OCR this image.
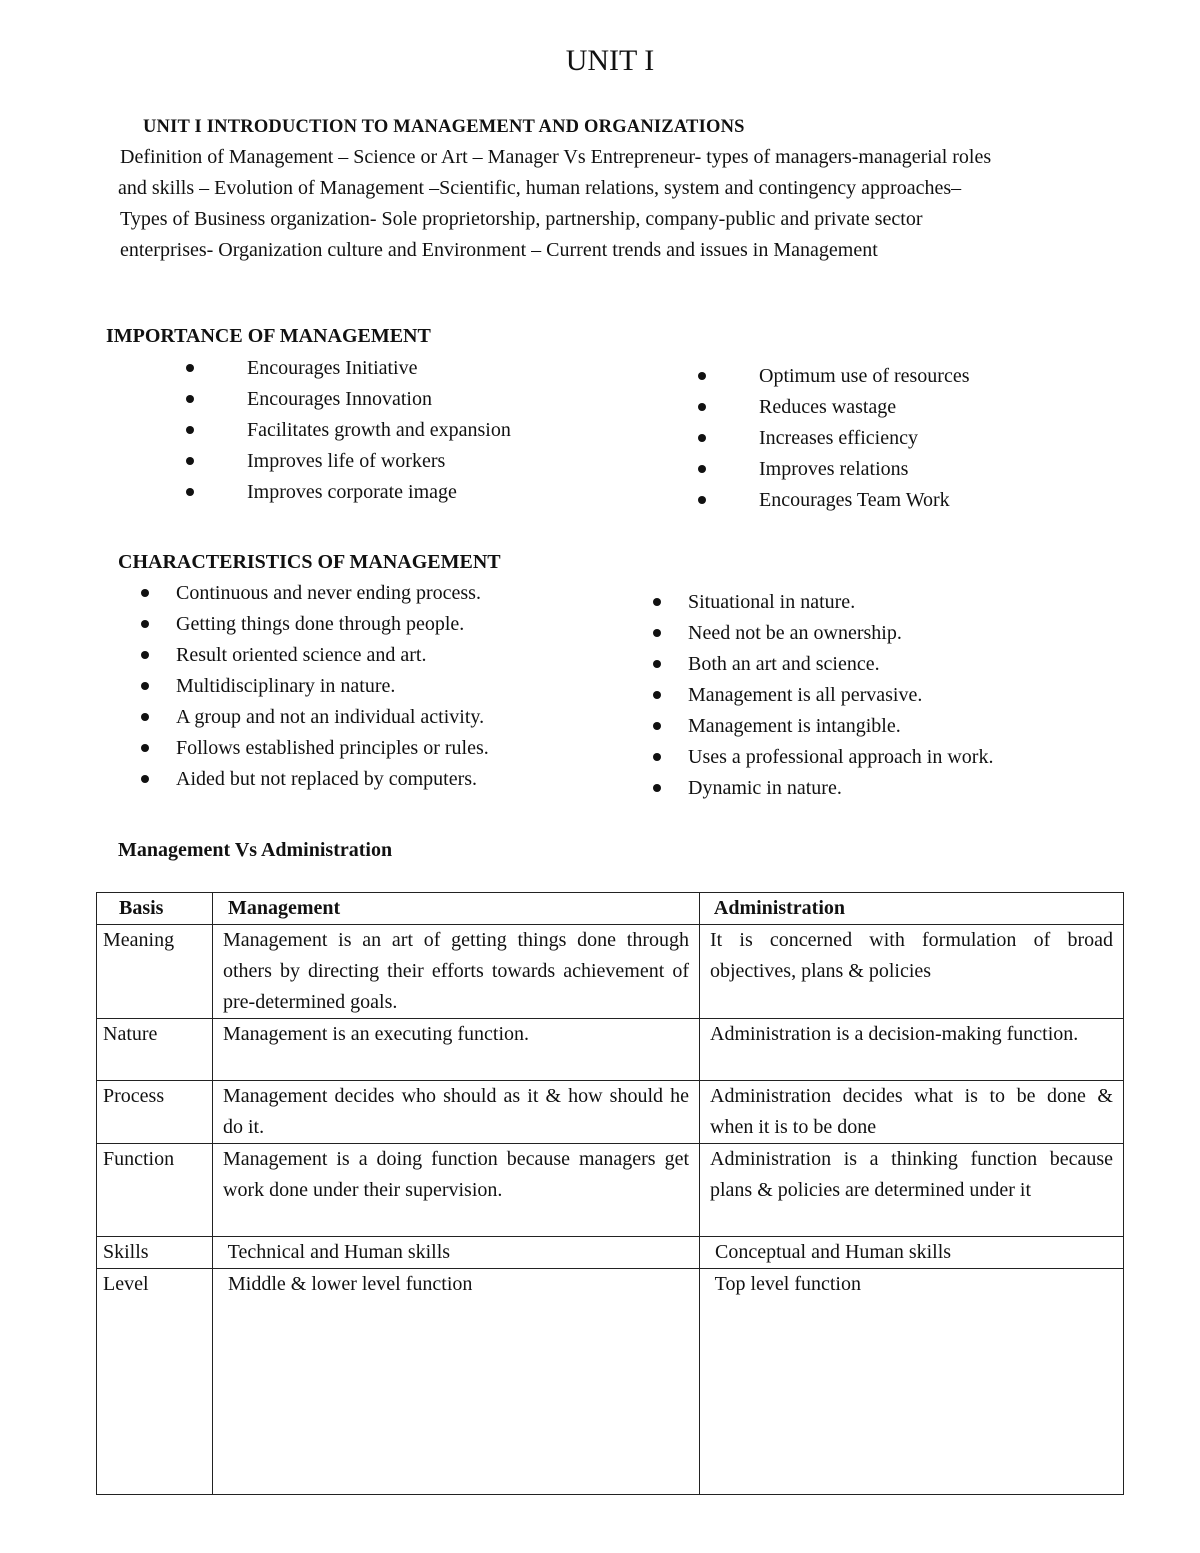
UNIT I
UNIT I INTRODUCTION TO MANAGEMENT AND ORGANIZATIONS
Definition of Management – Science or Art – Manager Vs Entrepreneur- types of managers-managerial roles
and skills – Evolution of Management –Scientific, human relations, system and contingency approaches–
Types of Business organization- Sole proprietorship, partnership, company-public and private sector
enterprises- Organization culture and Environment – Current trends and issues in Management
IMPORTANCE OF MANAGEMENT
Encourages Initiative
Encourages Innovation
Facilitates growth and expansion
Improves life of workers
Improves corporate image
Optimum use of resources
Reduces wastage
Increases efficiency
Improves relations
Encourages Team Work
CHARACTERISTICS OF MANAGEMENT
Continuous and never ending process.
Getting things done through people.
Result oriented science and art.
Multidisciplinary in nature.
A group and not an individual activity.
Follows established principles or rules.
Aided but not replaced by computers.
Situational in nature.
Need not be an ownership.
Both an art and science.
Management is all pervasive.
Management is intangible.
Uses a professional approach in work.
Dynamic in nature.
Management Vs Administration
Basis	Management	Administration
Meaning	Management is an art of getting things done through others by directing their efforts towards achievement of pre-determined goals.	It is concerned with formulation of broad objectives, plans & policies
Nature	Management is an executing function.	Administration is a decision-making function.
Process	Management decides who should as it & how should he do it.	Administration decides what is to be done & when it is to be done
Function	Management is a doing function because managers get work done under their supervision.	Administration is a thinking function because plans & policies are determined under it
Skills	Technical and Human skills	Conceptual and Human skills
Level	Middle & lower level function	Top level function
